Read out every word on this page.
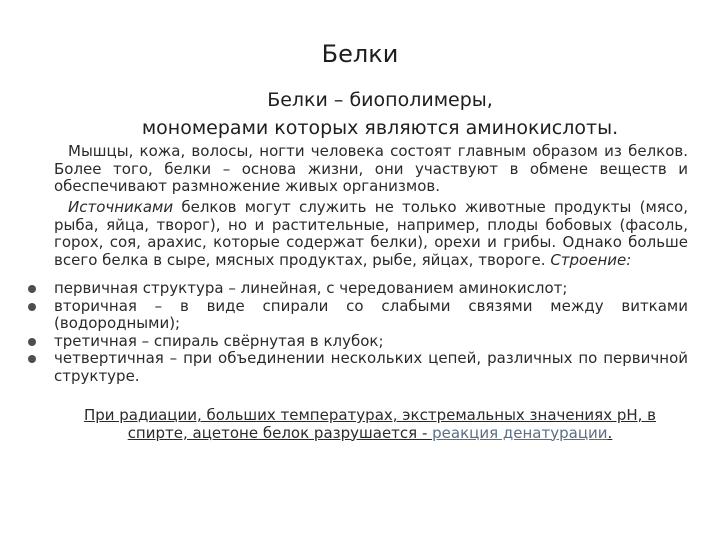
Белки
Белки – биополимеры,
мономерами которых являются аминокислоты.
Мышцы, кожа, волосы, ногти человека состоят главным образом из белков. Более того, белки – основа жизни, они участвуют в обмене веществ и обеспечивают размножение живых организмов.
Источниками белков могут служить не только животные продукты (мясо, рыба, яйца, творог), но и растительные, например, плоды бобовых (фасоль, горох, соя, арахис, которые содержат белки), орехи и грибы. Однако больше всего белка в сыре, мясных продуктах, рыбе, яйцах, твороге. Строение:
первичная структура – линейная, с чередованием аминокислот;
вторичная – в виде спирали со слабыми связями между витками (водородными);
третичная – спираль свёрнутая в клубок;
четвертичная – при объединении нескольких цепей, различных по первичной структуре.
При радиации, больших температурах, экстремальных значениях pH, в спирте, ацетоне белок разрушается - реакция денатурации.
